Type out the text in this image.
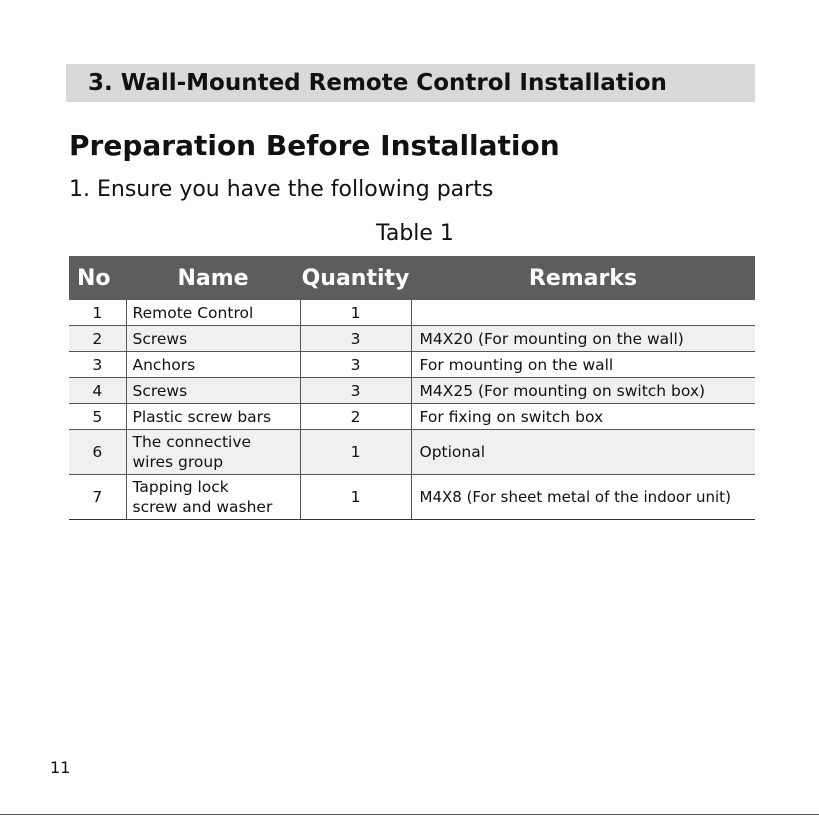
3. Wall-Mounted Remote Control Installation
Preparation Before Installation
1. Ensure you have the following parts
Table 1
No	Name	Quantity	Remarks
1	Remote Control	1	
2	Screws	3	M4X20 (For mounting on the wall)
3	Anchors	3	For mounting on the wall
4	Screws	3	M4X25 (For mounting on switch box)
5	Plastic screw bars	2	For fixing on switch box
6	The connective
wires group	1	Optional
7	Tapping lock
screw and washer	1	M4X8 (For sheet metal of the indoor unit)
11
